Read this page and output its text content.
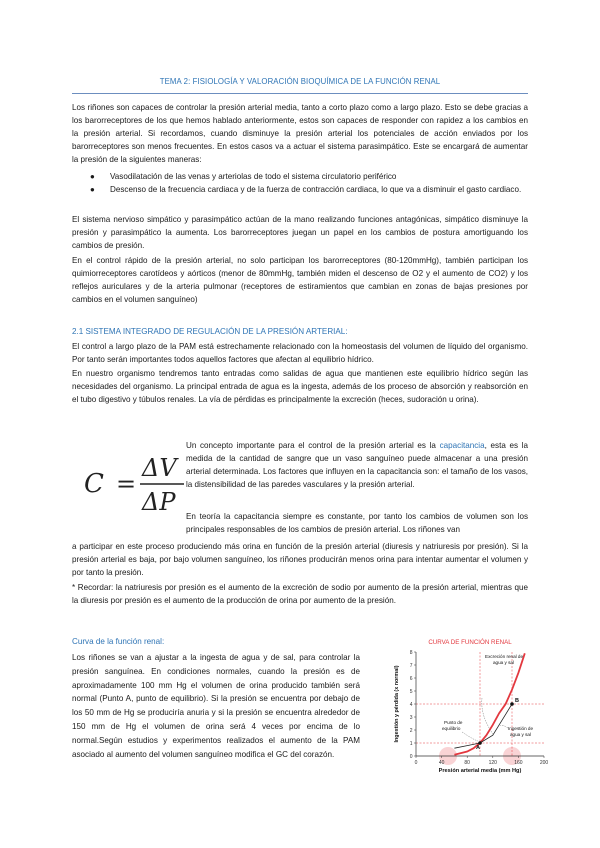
TEMA 2: FISIOLOGÍA Y VALORACIÓN BIOQUÍMICA DE LA FUNCIÓN RENAL

Los riñones son capaces de controlar la presión arterial media, tanto a corto plazo como a largo plazo. Esto se debe gracias a los barorreceptores de los que hemos hablado anteriormente, estos son capaces de responder con rapidez a los cambios en la presión arterial. Si recordamos, cuando disminuye la presión arterial los potenciales de acción enviados por los barorreceptores son menos frecuentes. En estos casos va a actuar el sistema parasimpático. Este se encargará de aumentar la presión de la siguientes maneras:

● Vasodilatación de las venas y arteriolas de todo el sistema circulatorio periférico
● Descenso de la frecuencia cardiaca y de la fuerza de contracción cardiaca, lo que va a disminuir el gasto cardiaco.

El sistema nervioso simpático y parasimpático actúan de la mano realizando funciones antagónicas, simpático disminuye la presión y parasimpático la aumenta. Los barorreceptores juegan un papel en los cambios de postura amortiguando los cambios de presión.

En el control rápido de la presión arterial, no solo participan los barorreceptores (80-120mmHg), también participan los quimiorreceptores carotídeos y aórticos (menor de 80mmHg, también miden el descenso de O2 y el aumento de CO2) y los reflejos auriculares y de la arteria pulmonar (receptores de estiramientos que cambian en zonas de bajas presiones por cambios en el volumen sanguíneo)

2.1 SISTEMA INTEGRADO DE REGULACIÓN DE LA PRESIÓN ARTERIAL:

El control a largo plazo de la PAM está estrechamente relacionado con la homeostasis del volumen de líquido del organismo. Por tanto serán importantes todos aquellos factores que afectan al equilibrio hídrico.

En nuestro organismo tendremos tanto entradas como salidas de agua que mantienen este equilibrio hídrico según las necesidades del organismo. La principal entrada de agua es la ingesta, además de los proceso de absorción y reabsorción en el tubo digestivo y túbulos renales. La vía de pérdidas es principalmente la excreción (heces, sudoración u orina).

C =
ΔV
ΔP

Un concepto importante para el control de la presión arterial es la capacitancia, esta es la medida de la cantidad de sangre que un vaso sanguíneo puede almacenar a una presión arterial determinada. Los factores que influyen en la capacitancia son: el tamaño de los vasos, la distensibilidad de las paredes vasculares y la presión arterial.

En teoría la capacitancia siempre es constante, por tanto los cambios de volumen son los principales responsables de los cambios de presión arterial. Los riñones van

a participar en este proceso produciendo más orina en función de la presión arterial (diuresis y natriuresis por presión). Si la presión arterial es baja, por bajo volumen sanguíneo, los riñones producirán menos orina para intentar aumentar el volumen y por tanto la presión.

* Recordar: la natriuresis por presión es el aumento de la excreción de sodio por aumento de la presión arterial, mientras que la diuresis por presión es el aumento de la producción de orina por aumento de la presión.

Curva de la función renal:

Los riñones se van a ajustar a la ingesta de agua y de sal, para controlar la presión sanguínea. En condiciones normales, cuando la presión es de aproximadamente 100 mm Hg el volumen de orina producido también será normal (Punto A, punto de equilibrio). Si la presión se encuentra por debajo de los 50 mm de Hg se produciría anuria y si la presión se encuentra alrededor de 150 mm de Hg el volumen de orina será 4 veces por encima de lo normal.Según estudios y experimentos realizados el aumento de la PAM asociado al aumento del volumen sanguíneo modifica el GC del corazón.

CURVA DE FUNCIÓN RENAL
0	40	80	120	160	200
0
1
2
3
4
5
6
7
8
Presión arterial media (mm Hg)
Ingestión y pérdida (x normal)
A
B
Excreción renal de
agua y sal
Punto de
equilibrio	Ingestión de
agua y sal
